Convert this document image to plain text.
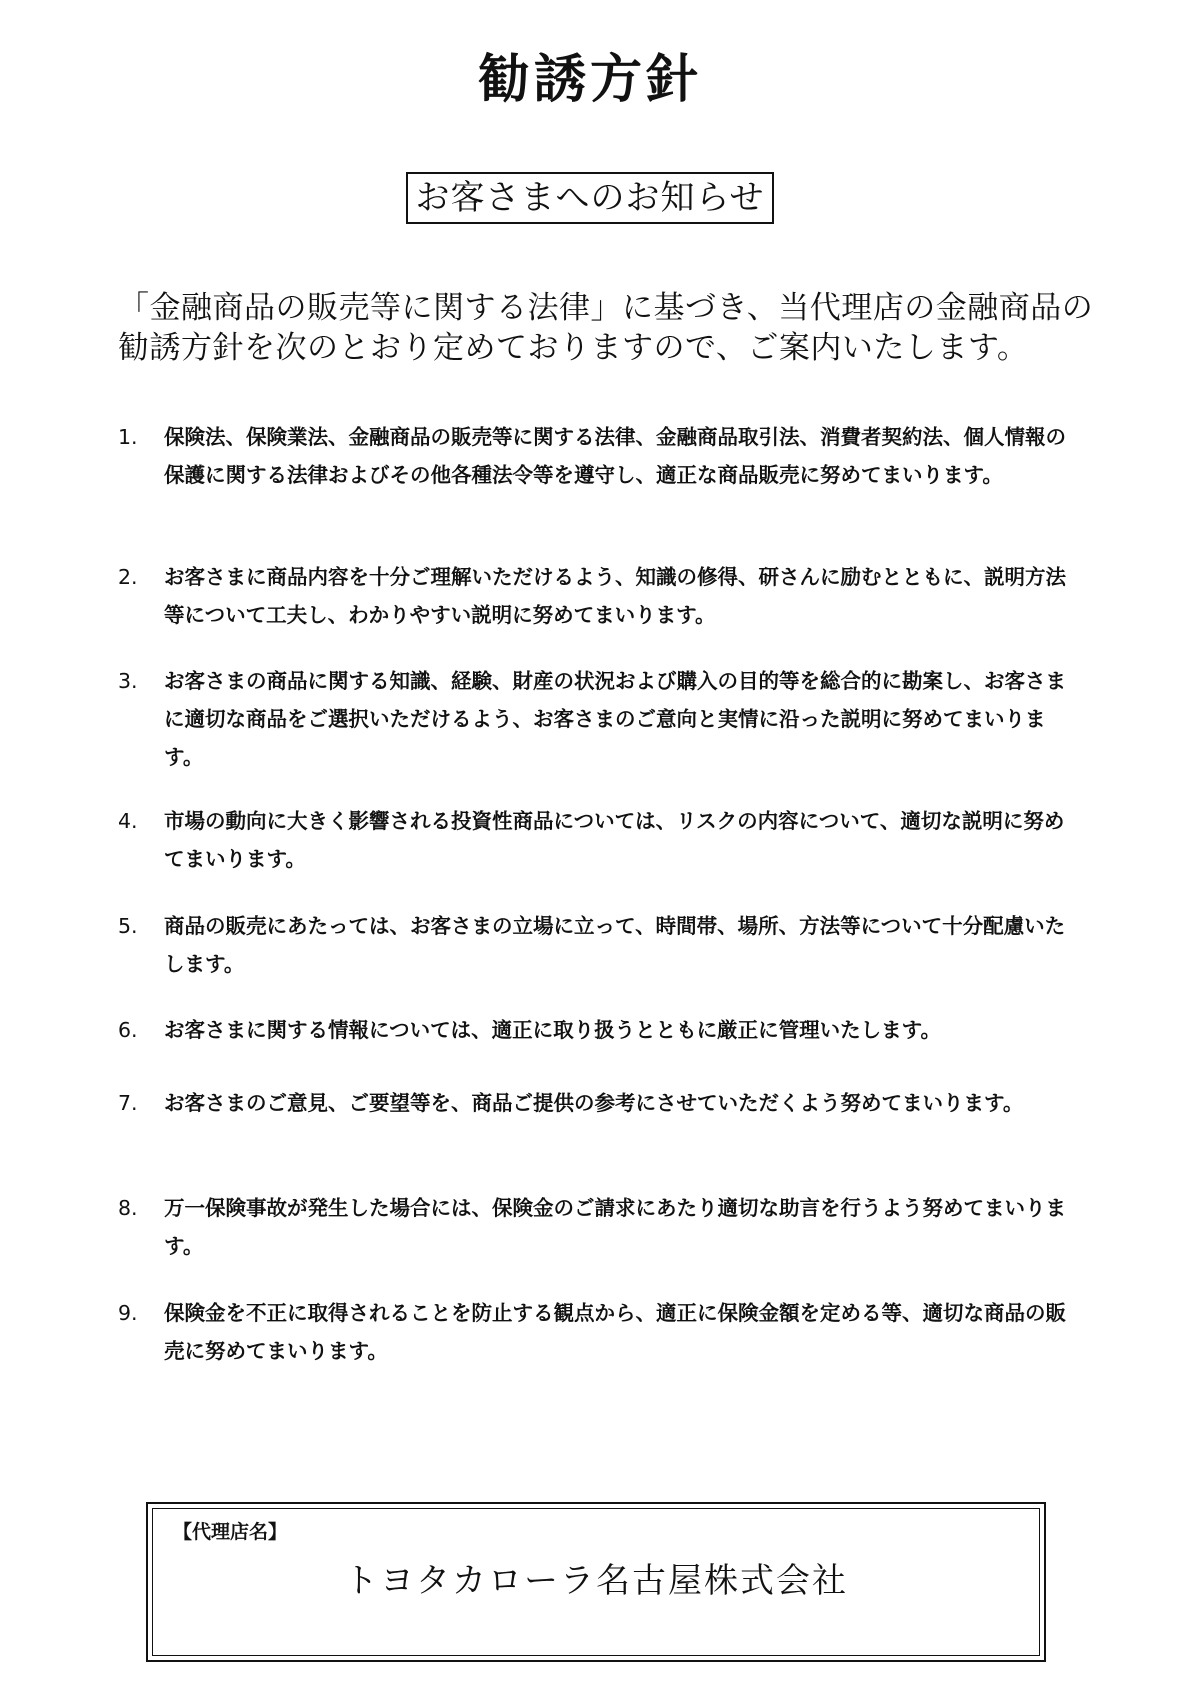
勧誘方針
お客さまへのお知らせ

「金融商品の販売等に関する法律」に基づき、当代理店の金融商品の

勧誘方針を次のとおり定めておりますので、ご案内いたします。

1.	保険法、保険業法、金融商品の販売等に関する法律、金融商品取引法、消費者契約法、個人情報の保護に関する法律およびその他各種法令等を遵守し、適正な商品販売に努めてまいります。
2.	お客さまに商品内容を十分ご理解いただけるよう、知識の修得、研さんに励むとともに、説明方法等について工夫し、わかりやすい説明に努めてまいります。
3.	お客さまの商品に関する知識、経験、財産の状況および購入の目的等を総合的に勘案し、お客さまに適切な商品をご選択いただけるよう、お客さまのご意向と実情に沿った説明に努めてまいります。
4.	市場の動向に大きく影響される投資性商品については、リスクの内容について、適切な説明に努めてまいります。
5.	商品の販売にあたっては、お客さまの立場に立って、時間帯、場所、方法等について十分配慮いたします。
6.	お客さまに関する情報については、適正に取り扱うとともに厳正に管理いたします。
7.	お客さまのご意見、ご要望等を、商品ご提供の参考にさせていただくよう努めてまいります。
8.	万一保険事故が発生した場合には、保険金のご請求にあたり適切な助言を行うよう努めてまいります。
9.	保険金を不正に取得されることを防止する観点から、適正に保険金額を定める等、適切な商品の販売に努めてまいります。
【代理店名】
トヨタカローラ名古屋株式会社
